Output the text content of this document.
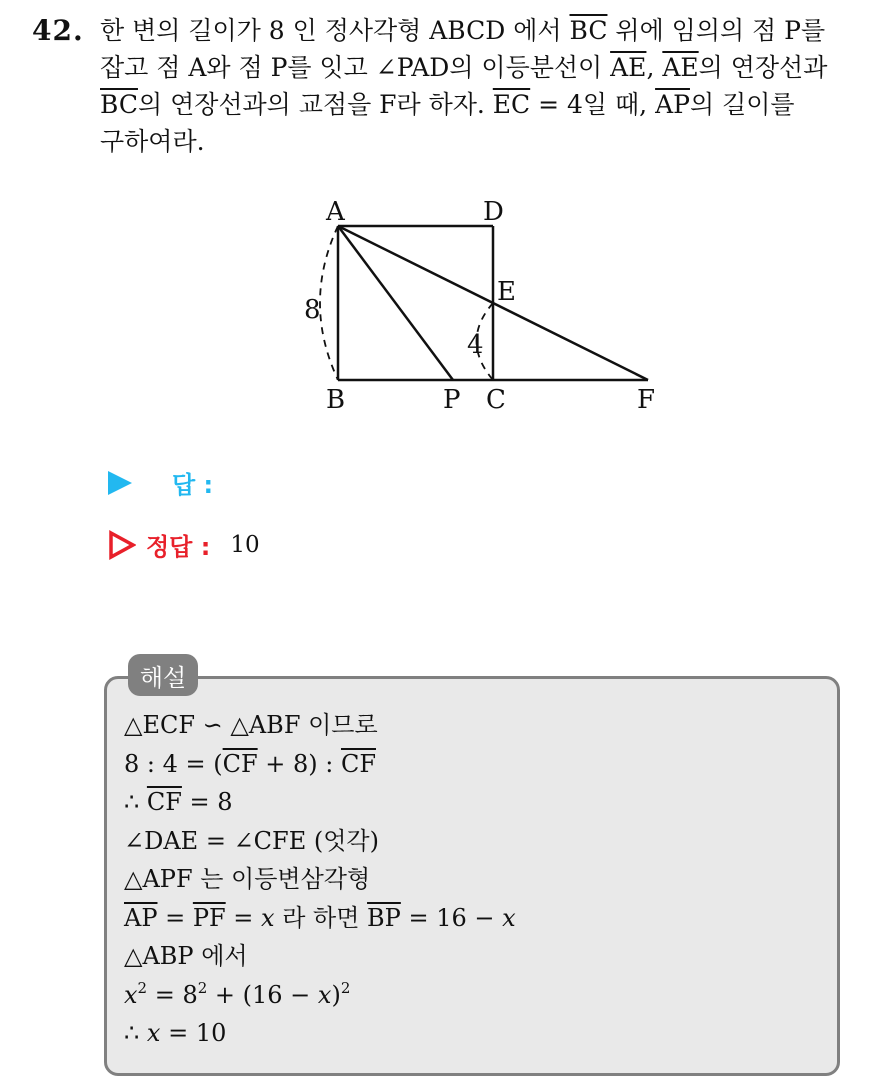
42. 한 변의 길이가 8 인 정사각형 ABCD 에서 $\overline{BC}$ 위에 임의의 점 P를
잡고 점 A와 점 P를 잇고 ∠PAD의 이등분선이 $\overline{AE}$, $\overline{AE}$의 연장선과
$\overline{BC}$의 연장선과의 교점을 F라 하자. $\overline{EC} = 4$일 때, $\overline{AP}$의 길이를
구하여라.
A	D
E
B	P C	F
8
4
답 :
정답 : 10
해설
△ECF ∽ △ABF 이므로
8 : $4 = (\overline{CF} + 8)$ : $\overline{CF}$
∴ $\overline{CF} = 8$
∠DAE = ∠CFE (엇각)
△APF 는 이등변삼각형
$\overline{AP} = \overline{PF} = x$ 라 하면 $\overline{BP} = 16 - x$
△ABP 에서
$x^2 = 8^2 + (16 - x)^2$
∴ x = 10
